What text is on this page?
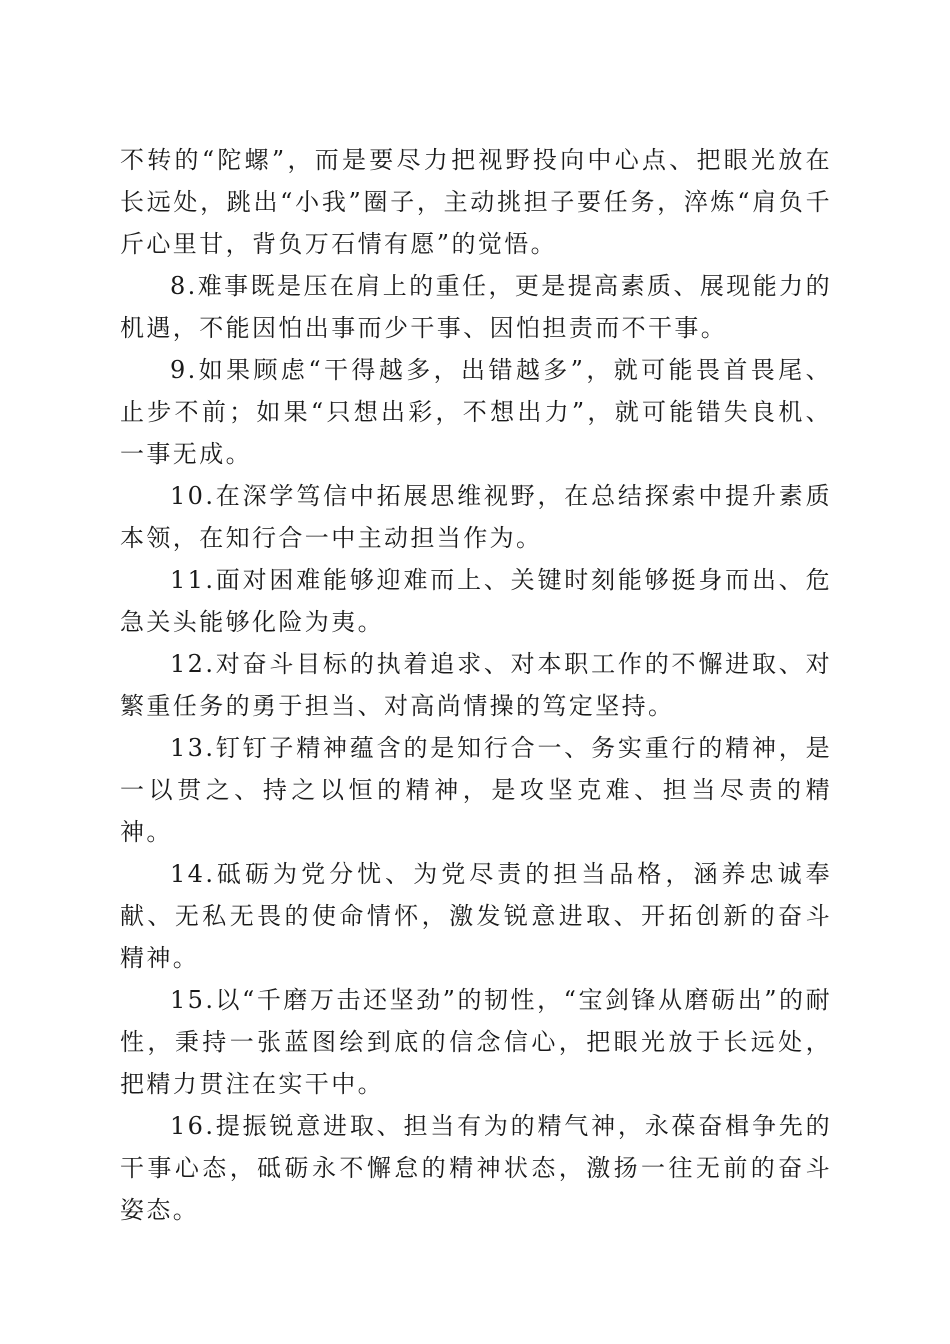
不转的“陀螺”，而是要尽力把视野投向中心点、把眼光放在长远处，跳出“小我”圈子，主动挑担子要任务，淬炼“肩负千斤心里甘，背负万石情有愿”的觉悟。

8.难事既是压在肩上的重任，更是提高素质、展现能力的机遇，不能因怕出事而少干事、因怕担责而不干事。

9.如果顾虑“干得越多，出错越多”，就可能畏首畏尾、止步不前；如果“只想出彩，不想出力”，就可能错失良机、一事无成。

10.在深学笃信中拓展思维视野，在总结探索中提升素质本领，在知行合一中主动担当作为。

11.面对困难能够迎难而上、关键时刻能够挺身而出、危急关头能够化险为夷。

12.对奋斗目标的执着追求、对本职工作的不懈进取、对繁重任务的勇于担当、对高尚情操的笃定坚持。

13.钉钉子精神蕴含的是知行合一、务实重行的精神，是一以贯之、持之以恒的精神，是攻坚克难、担当尽责的精神。

14.砥砺为党分忧、为党尽责的担当品格，涵养忠诚奉献、无私无畏的使命情怀，激发锐意进取、开拓创新的奋斗精神。

15.以“千磨万击还坚劲”的韧性，“宝剑锋从磨砺出”的耐性，秉持一张蓝图绘到底的信念信心，把眼光放于长远处，把精力贯注在实干中。

16.提振锐意进取、担当有为的精气神，永葆奋楫争先的干事心态，砥砺永不懈怠的精神状态，激扬一往无前的奋斗姿态。
